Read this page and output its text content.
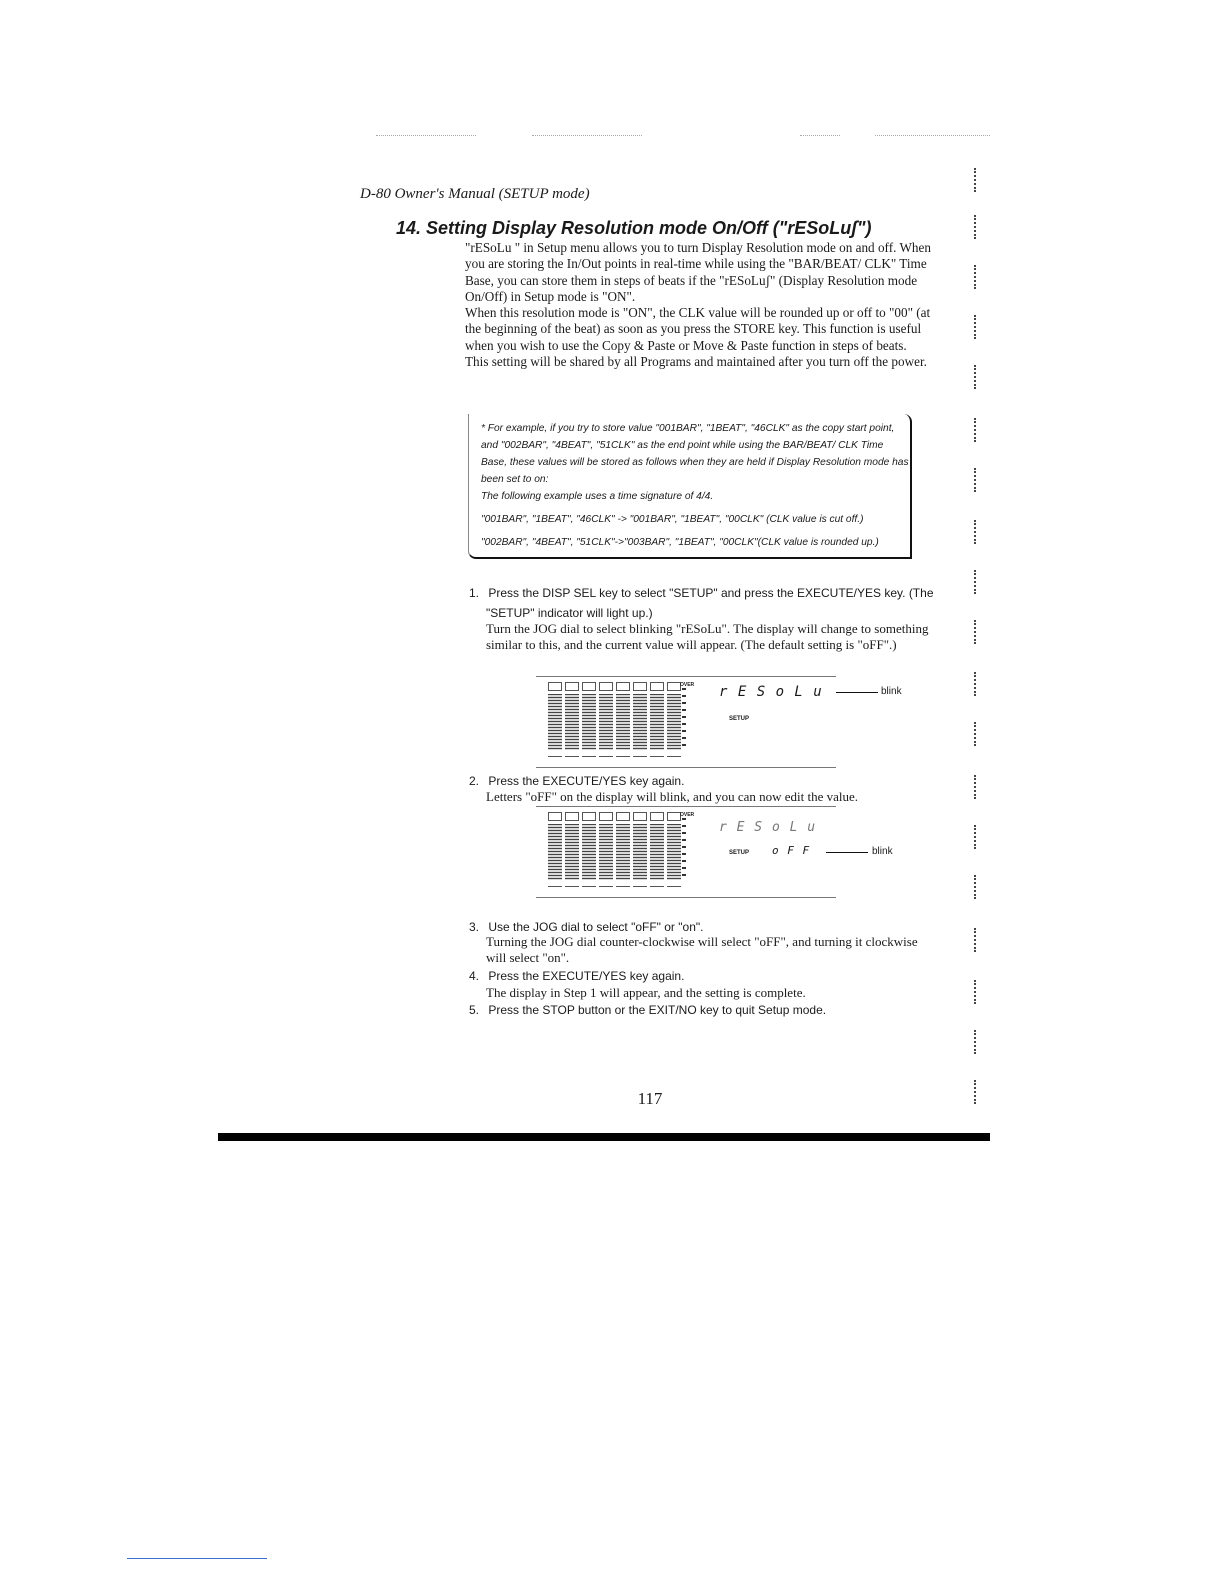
D-80 Owner's Manual (SETUP mode)
14. Setting Display Resolution mode On/Off ("rESoLuʃ")

"rESoLu " in Setup menu allows you to turn Display Resolution mode on and off. When you are storing the In/Out points in real-time while using the "BAR/BEAT/ CLK" Time Base, you can store them in steps of beats if the "rESoLuʃ" (Display Resolution mode On/Off) in Setup mode is "ON".

When this resolution mode is "ON", the CLK value will be rounded up or off to "00" (at the beginning of the beat) as soon as you press the STORE key. This function is useful when you wish to use the Copy & Paste or Move & Paste function in steps of beats.

This setting will be shared by all Programs and maintained after you turn off the power.

* For example, if you try to store value "001BAR", "1BEAT", "46CLK" as the copy start point, and "002BAR", "4BEAT", "51CLK" as the end point while using the BAR/BEAT/ CLK Time Base, these values will be stored as follows when they are held if Display Resolution mode has been set to on:

The following example uses a time signature of 4/4.

"001BAR", "1BEAT", "46CLK" -> "001BAR", "1BEAT", "00CLK" (CLK value is cut off.)

"002BAR", "4BEAT", "51CLK"->"003BAR", "1BEAT", "00CLK"(CLK value is rounded up.)

1. Press the DISP SEL key to select "SETUP" and press the EXECUTE/YES key. (The
"SETUP" indicator will light up.)

Turn the JOG dial to select blinking "rESoLu". The display will change to something similar to this, and the current value will appear. (The default setting is "oFF".)

OVER r E S o L u
SETUP
blink
2. Press the EXECUTE/YES key again.

Letters "oFF" on the display will blink, and you can now edit the value.

OVER
r E S o L u
SETUP o F F	blink
3. Use the JOG dial to select "oFF" or "on".

Turning the JOG dial counter-clockwise will select "oFF", and turning it clockwise will select "on".

4. Press the EXECUTE/YES key again.

The display in Step 1 will appear, and the setting is complete.

5. Press the STOP button or the EXIT/NO key to quit Setup mode.
117
